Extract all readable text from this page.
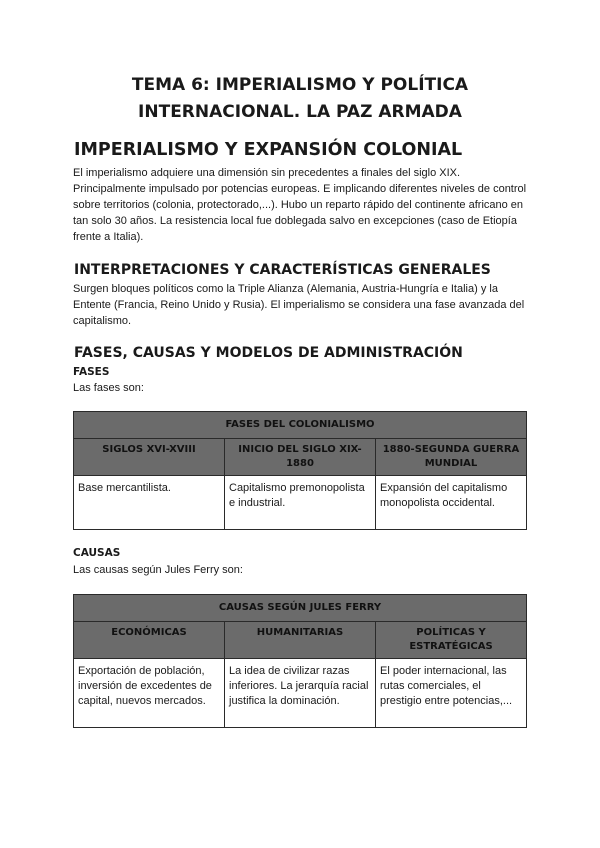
TEMA 6: IMPERIALISMO Y POLÍTICA
INTERNACIONAL. LA PAZ ARMADA
IMPERIALISMO Y EXPANSIÓN COLONIAL

El imperialismo adquiere una dimensión sin precedentes a finales del siglo XIX. Principalmente impulsado por potencias europeas. E implicando diferentes niveles de control sobre territorios (colonia, protectorado,...). Hubo un reparto rápido del continente africano en tan solo 30 años. La resistencia local fue doblegada salvo en excepciones (caso de Etiopía frente a Italia).

INTERPRETACIONES Y CARACTERÍSTICAS GENERALES

Surgen bloques políticos como la Triple Alianza (Alemania, Austria-Hungría e Italia) y la Entente (Francia, Reino Unido y Rusia). El imperialismo se considera una fase avanzada del capitalismo.

FASES, CAUSAS Y MODELOS DE ADMINISTRACIÓN

FASES

Las fases son:

FASES DEL COLONIALISMO		
SIGLOS XVI-XVIII	INICIO DEL SIGLO XIX-1880	1880-SEGUNDA GUERRA MUNDIAL
Base mercantilista.	Capitalismo premonopolista e industrial.	Expansión del capitalismo monopolista occidental.

CAUSAS

Las causas según Jules Ferry son:

CAUSAS SEGÚN JULES FERRY		
ECONÓMICAS	HUMANITARIAS	POLÍTICAS Y ESTRATÉGICAS
Exportación de población, inversión de excedentes de capital, nuevos mercados.	La idea de civilizar razas inferiores. La jerarquía racial justifica la dominación.	El poder internacional, las rutas comerciales, el prestigio entre potencias,...
